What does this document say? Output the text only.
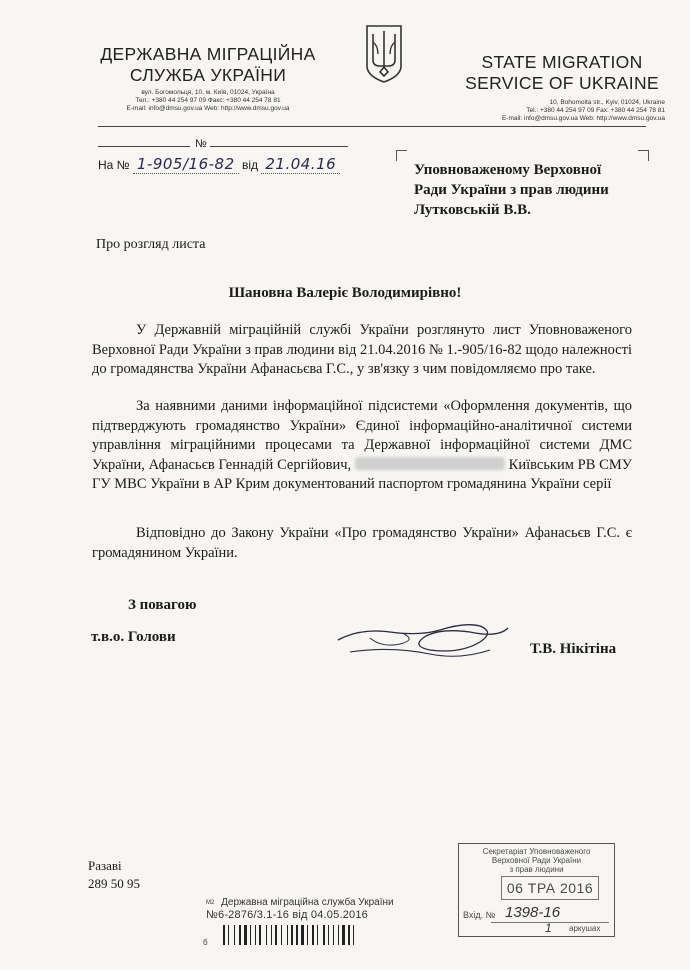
ДЕРЖАВНА МІГРАЦІЙНА СЛУЖБА УКРАЇНИ
вул. Богомольця, 10, м. Київ, 01024, Україна
Тел.: +380 44 254 97 09 Факс: +380 44 254 78 81
E-mail: info@dmsu.gov.ua Web: http://www.dmsu.gov.ua
STATE MIGRATION SERVICE OF UKRAINE
10, Bohomolta str., Kyiv, 01024, Ukraine
Tel.: +380 44 254 97 09 Fax: +380 44 254 78 81
E-mail: info@dmsu.gov.ua Web: http://www.dmsu.gov.ua
№
На № 1-905/16-82 від 21.04.16	Уповноваженому Верховної
Ради України з прав людини
Лутковській В.В.
Про розгляд листа
Шановна Валеріє Володимирівно!
У Державній міграційній службі України розглянуто лист Уповноваженого Верховної Ради України з прав людини від 21.04.2016 № 1.-905/16-82 щодо належності до громадянства України Афанасьєва Г.С., у зв'язку з чим повідомляємо про таке.
За наявними даними інформаційної підсистеми «Оформлення документів, що підтверджують громадянство України» Єдиної інформаційно-аналітичної системи управління міграційними процесами та Державної інформаційної системи ДМС України, Афанасьєв Геннадій Сергійович,	Київським РВ СМУ ГУ МВС України в АР Крим документований паспортом громадянина України серії
Відповідно до Закону України «Про громадянство України» Афанасьєв Г.С. є громадянином України.
З повагою
т.в.о. Голови
Т.В. Нікітіна
Разаві
289 50 95
$^{М2}$ Державна міграційна служба України
№6-2876/3.1-16 від 04.05.2016
б
Секретаріат Уповноваженого
Верховної Ради України
з прав людини
06 ТРА 2016
Вхід. № 1398-16
1 аркушах
